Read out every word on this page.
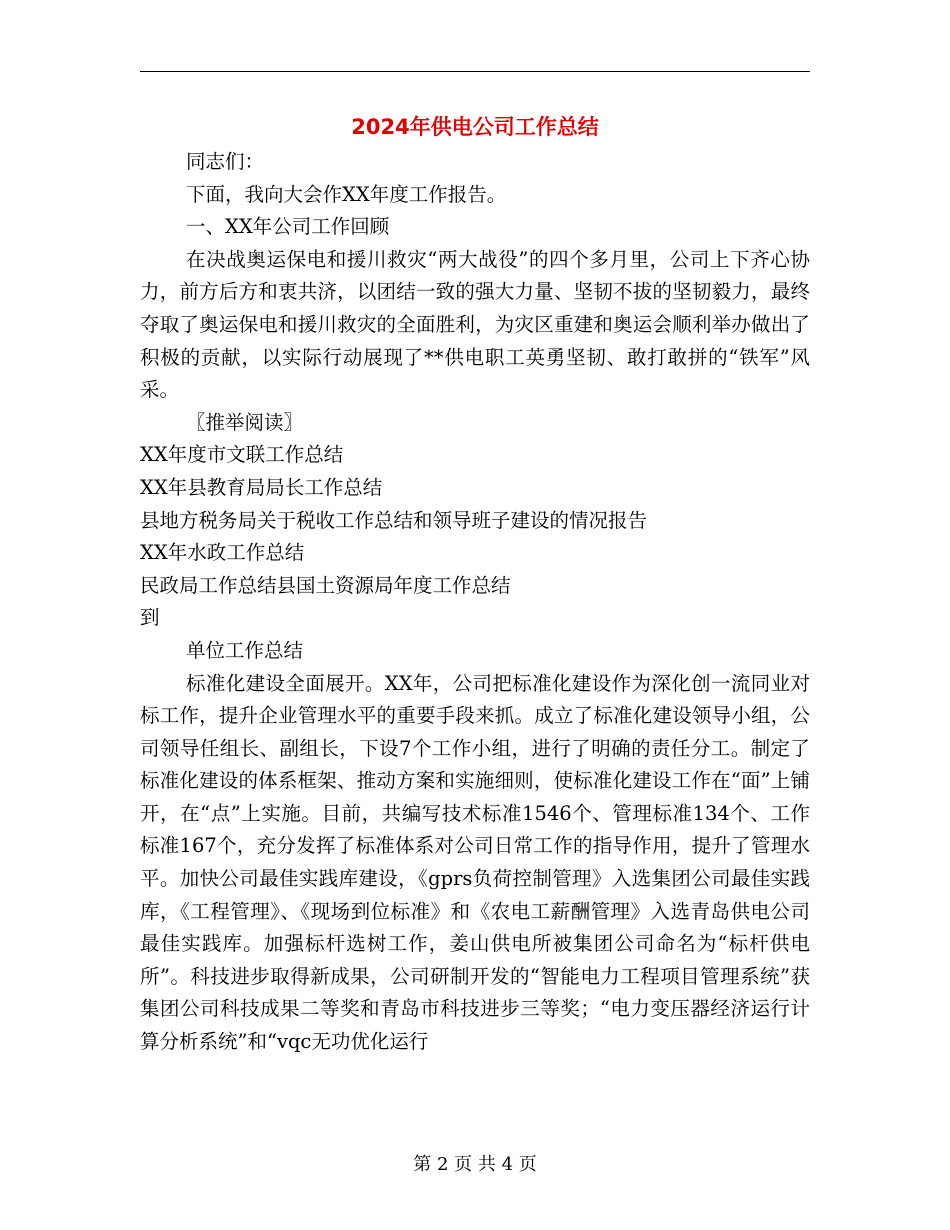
2024年供电公司工作总结

同志们：

下面，我向大会作XX年度工作报告。

一、XX年公司工作回顾

在决战奥运保电和援川救灾“两大战役”的四个多月里，公司上下齐心协力，前方后方和衷共济，以团结一致的强大力量、坚韧不拔的坚韧毅力，最终夺取了奥运保电和援川救灾的全面胜利，为灾区重建和奥运会顺利举办做出了积极的贡献，以实际行动展现了**供电职工英勇坚韧、敢打敢拼的“铁军”风采。

〖推举阅读〗

XX年度市文联工作总结

XX年县教育局局长工作总结

县地方税务局关于税收工作总结和领导班子建设的情况报告

XX年水政工作总结

民政局工作总结县国土资源局年度工作总结

到

单位工作总结

标准化建设全面展开。XX年，公司把标准化建设作为深化创一流同业对标工作，提升企业管理水平的重要手段来抓。成立了标准化建设领导小组，公司领导任组长、副组长，下设7个工作小组，进行了明确的责任分工。制定了标准化建设的体系框架、推动方案和实施细则，使标准化建设工作在“面”上铺开，在“点”上实施。目前，共编写技术标准1546个、管理标准134个、工作标准167个，充分发挥了标准体系对公司日常工作的指导作用，提升了管理水平。加快公司最佳实践库建设，《gprs负荷控制管理》入选集团公司最佳实践库，《工程管理》、《现场到位标准》和《农电工薪酬管理》入选青岛供电公司最佳实践库。加强标杆选树工作，姜山供电所被集团公司命名为“标杆供电所”。科技进步取得新成果，公司研制开发的“智能电力工程项目管理系统”获集团公司科技成果二等奖和青岛市科技进步三等奖；“电力变压器经济运行计算分析系统”和“vqc无功优化运行

第 2 页 共 4 页
